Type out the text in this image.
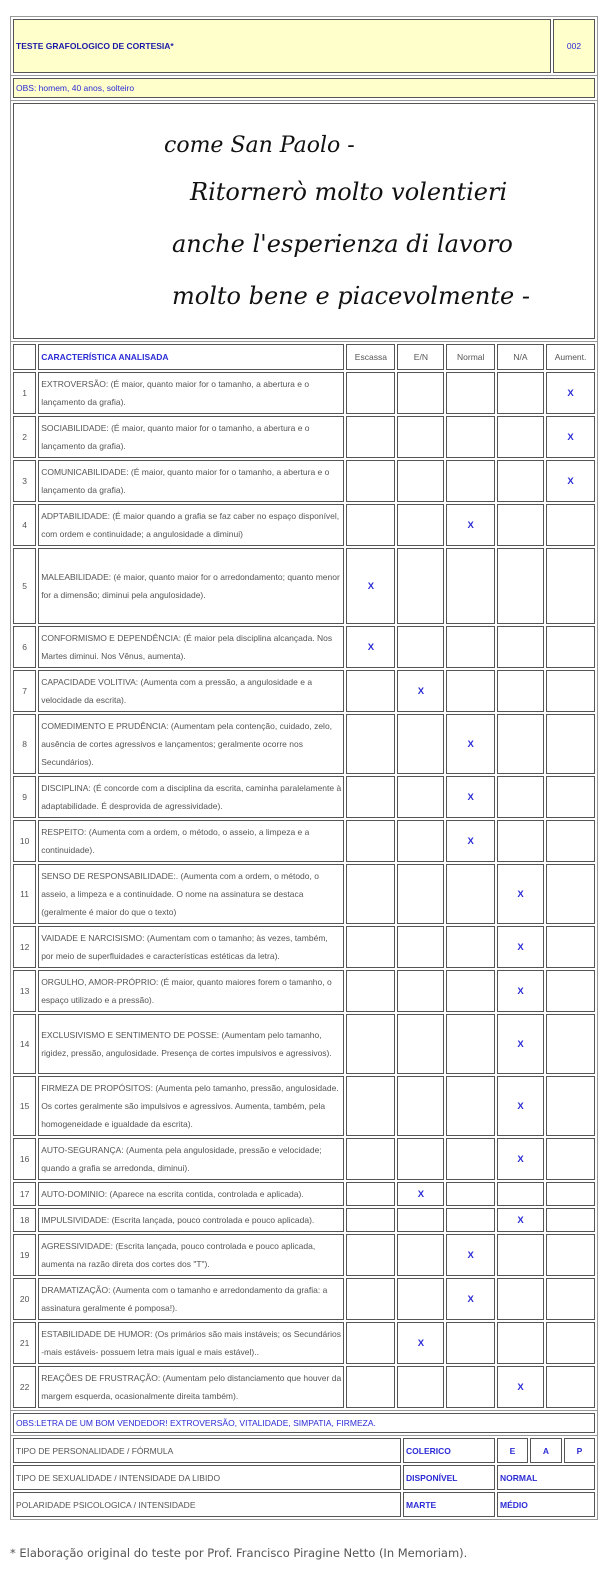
TESTE GRAFOLOGICO DE CORTESIA*	002
OBS: homem, 40 anos, solteiro
come San Paolo -
Ritornerò molto volentieri
anche l'esperienza di lavoro
molto bene e piacevolmente -
	CARACTERÍSTICA ANALISADA	Escassa	E/N	Normal	N/A	Aument.
1	EXTROVERSÃO: (É maior, quanto maior for o tamanho, a abertura e o lançamento da grafia).					X
2	SOCIABILIDADE: (É maior, quanto maior for o tamanho, a abertura e o lançamento da grafia).					X
3	COMUNICABILIDADE: (É maior, quanto maior for o tamanho, a abertura e o lançamento da grafia).					X
4	ADPTABILIDADE: (É maior quando a grafia se faz caber no espaço disponível, com ordem e continuidade; a angulosidade a diminui)			X		
5	MALEABILIDADE: (é maior, quanto maior for o arredondamento; quanto menor for a dimensão; diminui pela angulosidade).	X				
6	CONFORMISMO E DEPENDÊNCIA: (É maior pela disciplina alcançada. Nos Martes diminui. Nos Vênus, aumenta).	X				
7	CAPACIDADE VOLITIVA: (Aumenta com a pressão, a angulosidade e a velocidade da escrita).		X			
8	COMEDIMENTO E PRUDÊNCIA: (Aumentam pela contenção, cuidado, zelo, ausência de cortes agressivos e lançamentos; geralmente ocorre nos Secundários).			X		
9	DISCIPLINA: (É concorde com a disciplina da escrita, caminha paralelamente à adaptabilidade. É desprovida de agressividade).			X		
10	RESPEITO: (Aumenta com a ordem, o método, o asseio, a limpeza e a continuidade).			X		
11	SENSO DE RESPONSABILIDADE:. (Aumenta com a ordem, o método, o asseio, a limpeza e a continuidade. O nome na assinatura se destaca (geralmente é maior do que o texto)				X	
12	VAIDADE E NARCISISMO: (Aumentam com o tamanho; às vezes, também, por meio de superfluidades e características estéticas da letra).				X	
13	ORGULHO, AMOR-PRÓPRIO: (É maior, quanto maiores forem o tamanho, o espaço utilizado e a pressão).				X	
14	EXCLUSIVISMO E SENTIMENTO DE POSSE: (Aumentam pelo tamanho, rigidez, pressão, angulosidade. Presença de cortes impulsivos e agressivos).				X	
15	FIRMEZA DE PROPÓSITOS: (Aumenta pelo tamanho, pressão, angulosidade. Os cortes geralmente são impulsivos e agressivos. Aumenta, também, pela homogeneidade e igualdade da escrita).				X	
16	AUTO-SEGURANÇA: (Aumenta pela angulosidade, pressão e velocidade; quando a grafia se arredonda, diminui).				X	
17	AUTO-DOMINIO: (Aparece na escrita contida, controlada e aplicada).		X			
18	IMPULSIVIDADE: (Escrita lançada, pouco controlada e pouco aplicada).				X	
19	AGRESSIVIDADE: (Escrita lançada, pouco controlada e pouco aplicada, aumenta na razão direta dos cortes dos "T").			X		
20	DRAMATIZAÇÃO: (Aumenta com o tamanho e arredondamento da grafia: a assinatura geralmente é pomposa!).			X		
21	ESTABILIDADE DE HUMOR: (Os primários são mais instáveis; os Secundários -mais estáveis- possuem letra mais igual e mais estável)..		X			
22	REAÇÕES DE FRUSTRAÇÃO: (Aumentam pelo distanciamento que houver da margem esquerda, ocasionalmente direita também).				X	
OBS:LETRA DE UM BOM VENDEDOR! EXTROVERSÃO, VITALIDADE, SIMPATIA, FIRMEZA.
TIPO DE PERSONALIDADE / FÓRMULA	COLERICO	E	A	P
TIPO DE SEXUALIDADE / INTENSIDADE DA LIBIDO	DISPONÍVEL	NORMAL		
POLARIDADE PSICOLOGICA / INTENSIDADE	MARTE	MÉDIO		
* Elaboração original do teste por Prof. Francisco Piragine Netto (In Memoriam).
